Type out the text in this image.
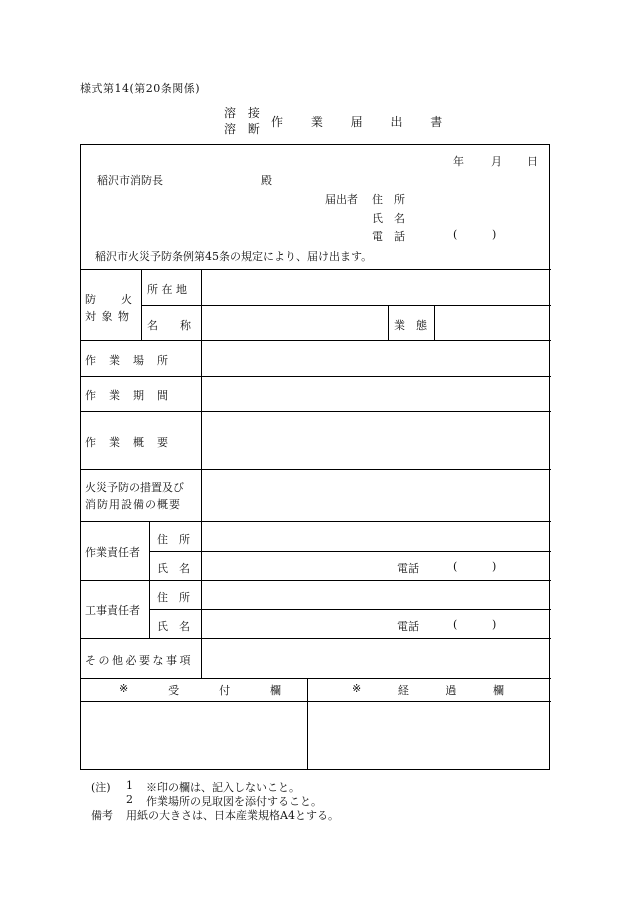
様式第14(第20条関係)
溶 接
溶 断 作 業 届 出 書
年 月 日
稲沢市消防長	殿
届出者 住　所
氏　名
電　話	(	)
稲沢市火災予防条例第45条の規定により、届け出ます。
防　　火
対 象 物
所 在 地
名　　称	業　態
作　業　場　所
作　業　期　間
作　業　概　要
火災予防の措置及び
消防用設備の概要
作業責任者
住　所
氏　名	電話	(	)
工事責任者
住　所
氏　名	電話	(	)
その他必要な事項
※	受	付	欄	※	経	過	欄
(注) 1 ※印の欄は、記入しないこと。
2 作業場所の見取図を添付すること。
備考 用紙の大きさは、日本産業規格A4とする。
